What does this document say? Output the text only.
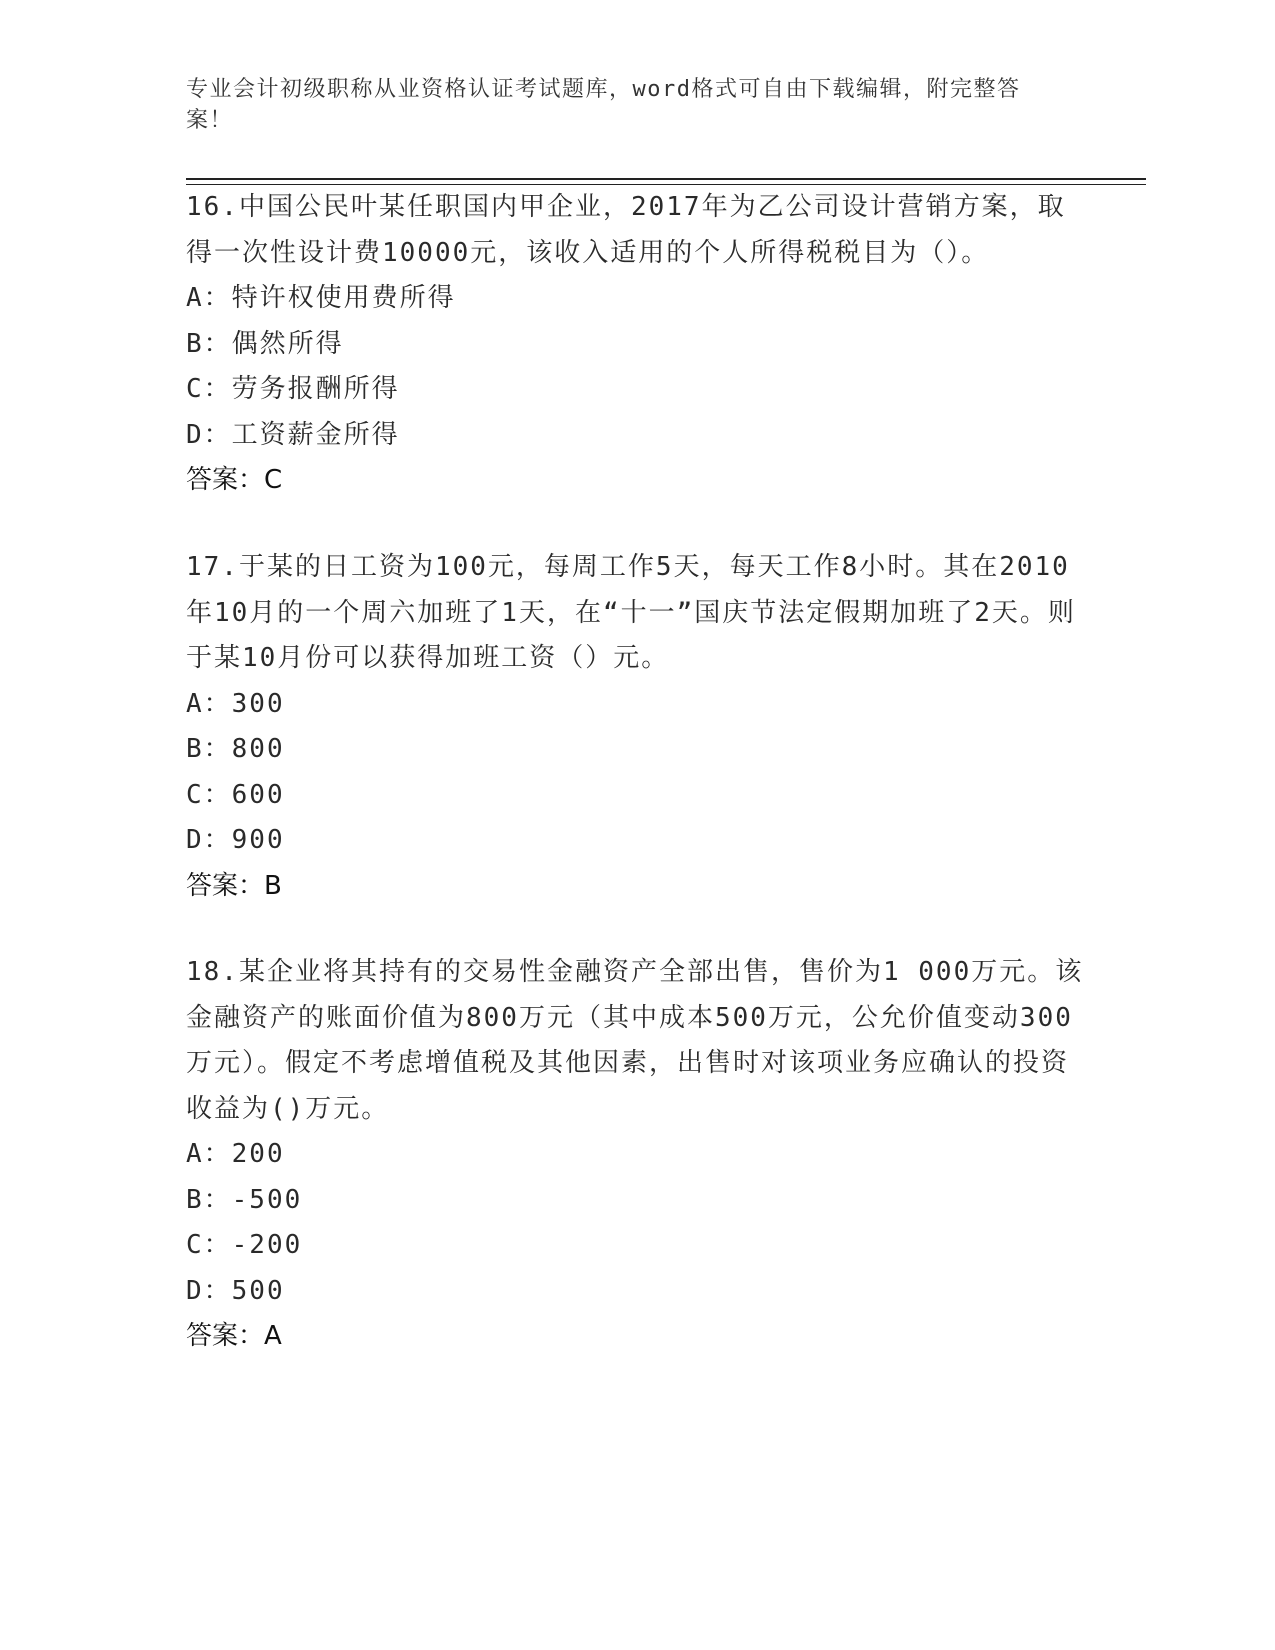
专业会计初级职称从业资格认证考试题库，word格式可自由下载编辑，附完整答案！

16.中国公民叶某任职国内甲企业，2017年为乙公司设计营销方案，取得一次性设计费10000元，该收入适用的个人所得税税目为（）。

A：特许权使用费所得

B：偶然所得

C：劳务报酬所得

D：工资薪金所得

答案：C

17.于某的日工资为100元，每周工作5天，每天工作8小时。其在2010年10月的一个周六加班了1天，在“十一”国庆节法定假期加班了2天。则于某10月份可以获得加班工资（）元。

A：300

B：800

C：600

D：900

答案：B

18.某企业将其持有的交易性金融资产全部出售，售价为1 000万元。该金融资产的账面价值为800万元（其中成本500万元，公允价值变动300万元）。假定不考虑增值税及其他因素，出售时对该项业务应确认的投资收益为()万元。

A：200

B：-500

C：-200

D：500

答案：A
